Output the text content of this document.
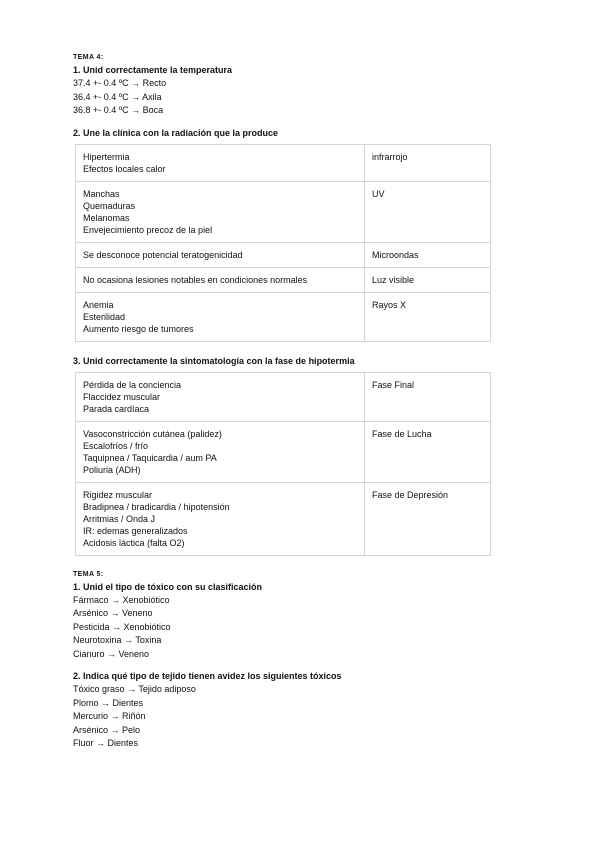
TEMA 4:
1. Unid correctamente la temperatura
37.4 +- 0.4 ºC → Recto
36.4 +- 0.4 ºC → Axila
36.8 +- 0.4 ºC → Boca
2. Une la clínica con la radiación que la produce
Hipertermia
Efectos locales calor	infrarrojo

Manchas
Quemaduras
Melanomas
Envejecimiento precoz de la piel	UV

Se desconoce potencial teratogenicidad	Microondas

No ocasiona lesiones notables en condiciones normales	Luz visible

Anemia
Esterilidad
Aumento riesgo de tumores	Rayos X
3. Unid correctamente la sintomatología con la fase de hipotermia
Pérdida de la conciencia
Flaccidez muscular
Parada cardíaca	Fase Final

Vasoconstricción cutánea (palidez)
Escalofríos / frío
Taquipnea / Taquicardia / aum PA
Poliuria (ADH)	Fase de Lucha

Rigidez muscular
Bradipnea / bradicardia / hipotensión
Arritmias / Onda J
IR: edemas generalizados
Acidosis láctica (falta O2)	Fase de Depresión
TEMA 5:
1. Unid el tipo de tóxico con su clasificación
Fármaco → Xenobiótico
Arsénico → Veneno
Pesticida → Xenobiótico
Neurotoxina → Toxina
Cianuro → Veneno
2. Indica qué tipo de tejido tienen avidez los siguientes tóxicos
Tóxico graso → Tejido adiposo
Plomo → Dientes
Mercurio → Riñón
Arsénico → Pelo
Fluor → Dientes
